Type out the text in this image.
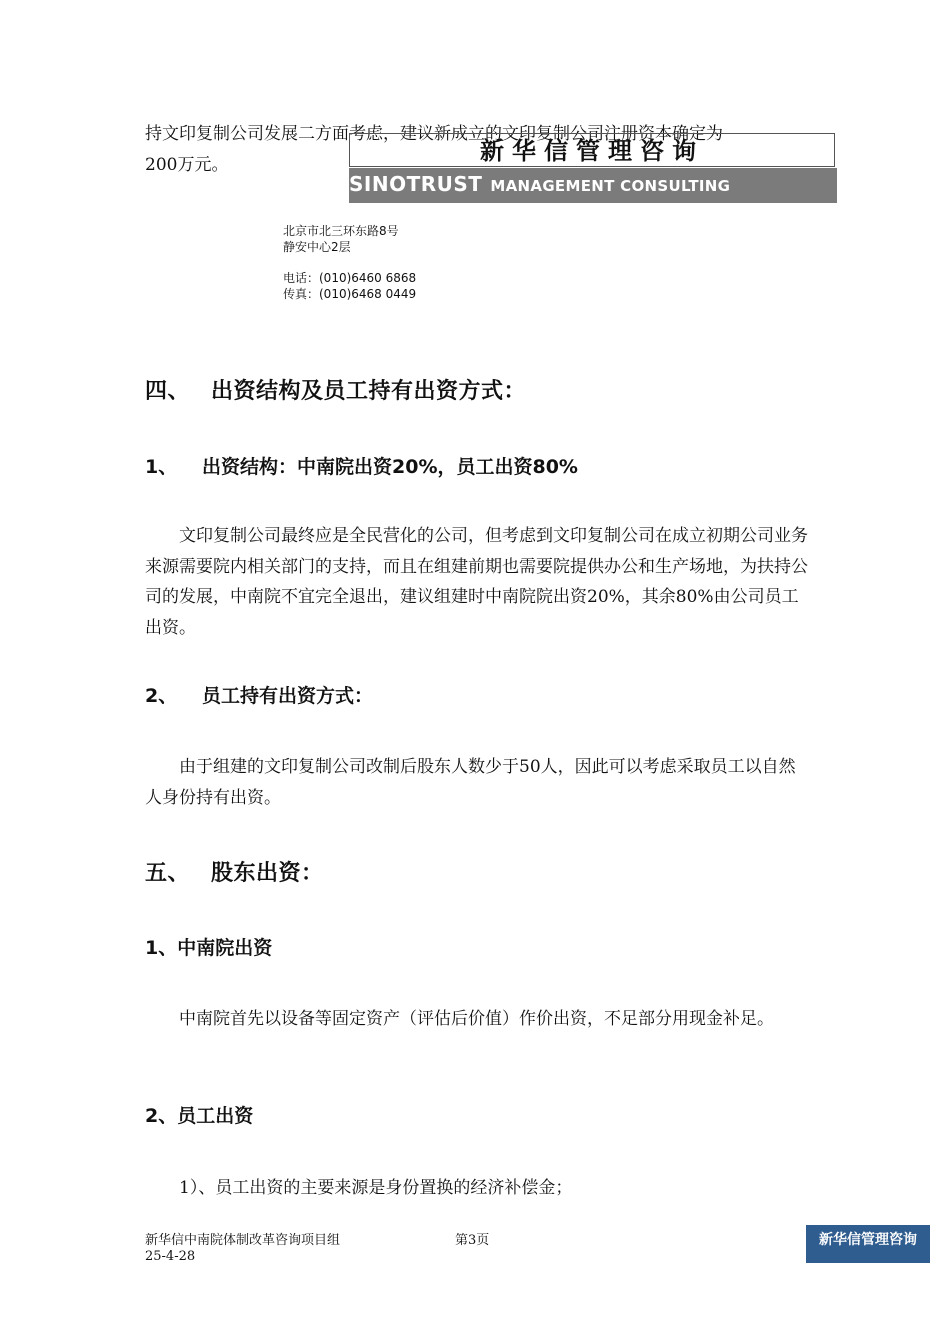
持文印复制公司发展二方面考虑，建议新成立的文印复制公司注册资本确定为
200万元。	新华信管理咨询
SINOTRUST MANAGEMENT CONSULTING
北京市北三环东路8号
静安中心2层
电话：(010)6460 6868
传真：(010)6468 0449
四、 出资结构及员工持有出资方式：
1、 出资结构：中南院出资20%，员工出资80%
文印复制公司最终应是全民营化的公司，但考虑到文印复制公司在成立初期公司业务来源需要院内相关部门的支持，而且在组建前期也需要院提供办公和生产场地，为扶持公司的发展，中南院不宜完全退出，建议组建时中南院院出资20%，其余80%由公司员工出资。
2、 员工持有出资方式：
由于组建的文印复制公司改制后股东人数少于50人，因此可以考虑采取员工以自然人身份持有出资。
五、 股东出资：
1、中南院出资
中南院首先以设备等固定资产（评估后价值）作价出资，不足部分用现金补足。
2、员工出资
1）、员工出资的主要来源是身份置换的经济补偿金；
新华信中南院体制改革咨询项目组	第3页
25-4-28
新华信管理咨询
